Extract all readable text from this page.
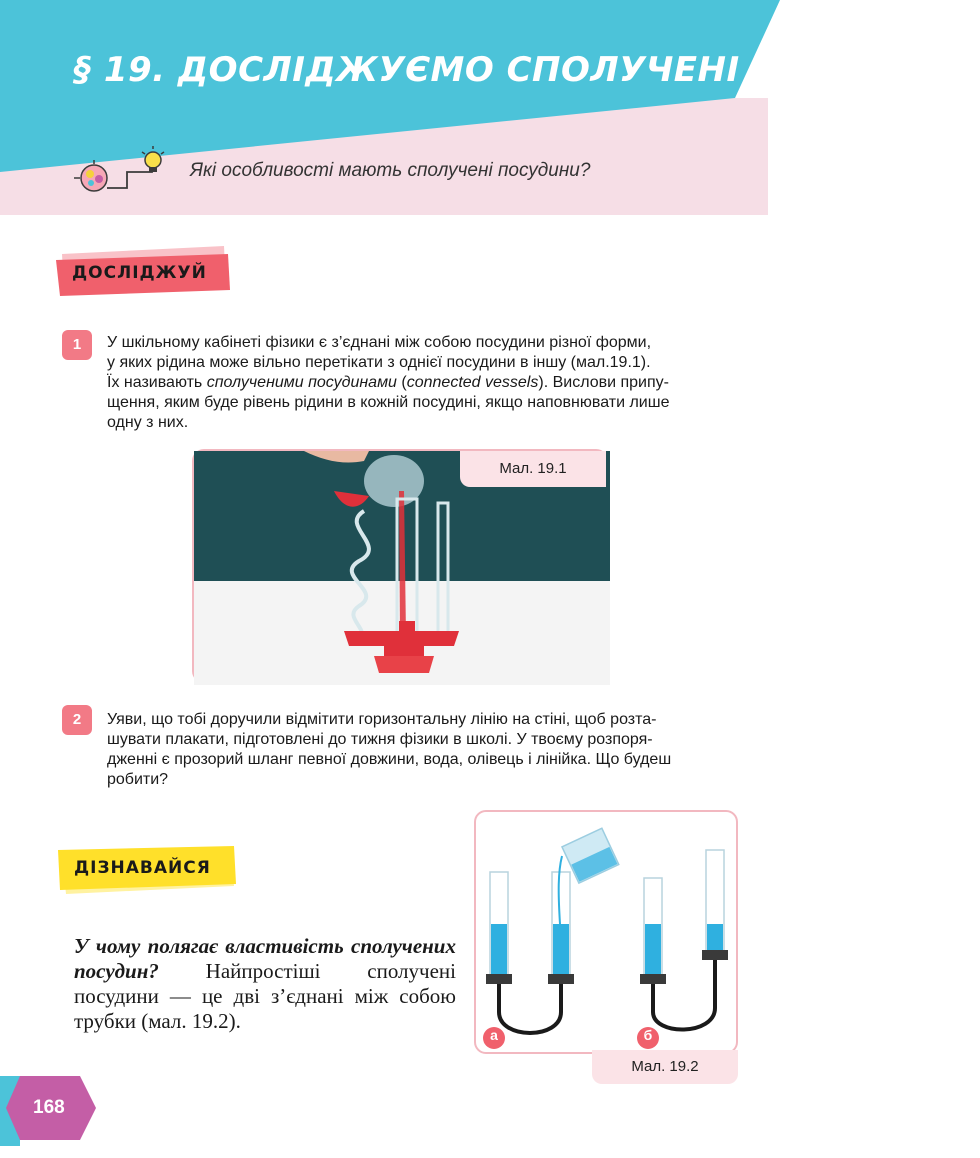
§ 19. ДОСЛІДЖУЄМО СПОЛУЧЕНІ ПОСУДИНИ
Які особливості мають сполучені посудини?
ДОСЛІДЖУЙ
1	У шкільному кабінеті фізики є з’єднані між собою посудини різної форми,
у яких рідина може вільно перетікати з однієї посудини в іншу (мал.19.1).
Їх називають сполученими посудинами (connected vessels). Вислови припу-
щення, яким буде рівень рідини в кожній посудині, якщо наповнювати лише
одну з них.
Мал. 19.1
2	Уяви, що тобі доручили відмітити горизонтальну лінію на стіні, щоб розта-
шувати плакати, підготовлені до тижня фізики в школі. У твоєму розпоря-
дженні є прозорий шланг певної довжини, вода, олівець і лінійка. Що будеш
робити?
ДІЗНАВАЙСЯ
У чому полягає властивість сполучених посудин? Найпростіші сполучені посудини — це дві з’єднані між собою трубки (мал. 19.2).
а	б
Мал. 19.2
168
